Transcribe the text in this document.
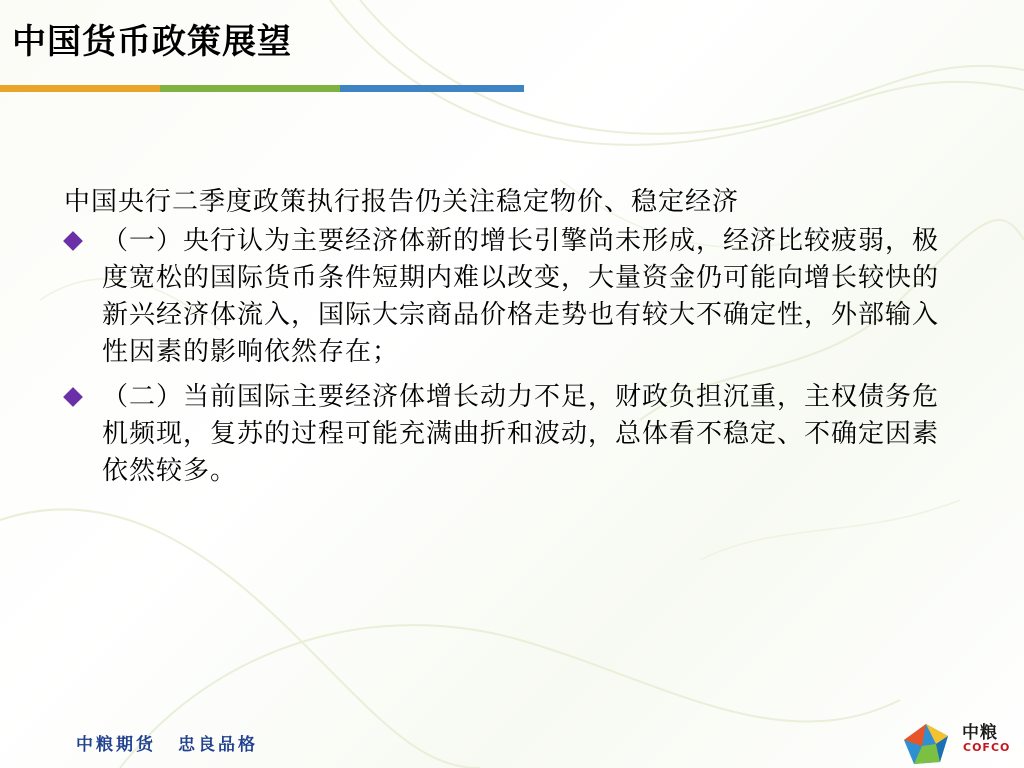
中国货币政策展望

中国央行二季度政策执行报告仍关注稳定物价、稳定经济

（一）央行认为主要经济体新的增长引擎尚未形成，经济比较疲弱，极度宽松的国际货币条件短期内难以改变，大量资金仍可能向增长较快的新兴经济体流入，国际大宗商品价格走势也有较大不确定性，外部输入性因素的影响依然存在；
（二）当前国际主要经济体增长动力不足，财政负担沉重，主权债务危机频现，复苏的过程可能充满曲折和波动，总体看不稳定、不确定因素依然较多。
中粮期货 忠良品格
中粮
COFCO
